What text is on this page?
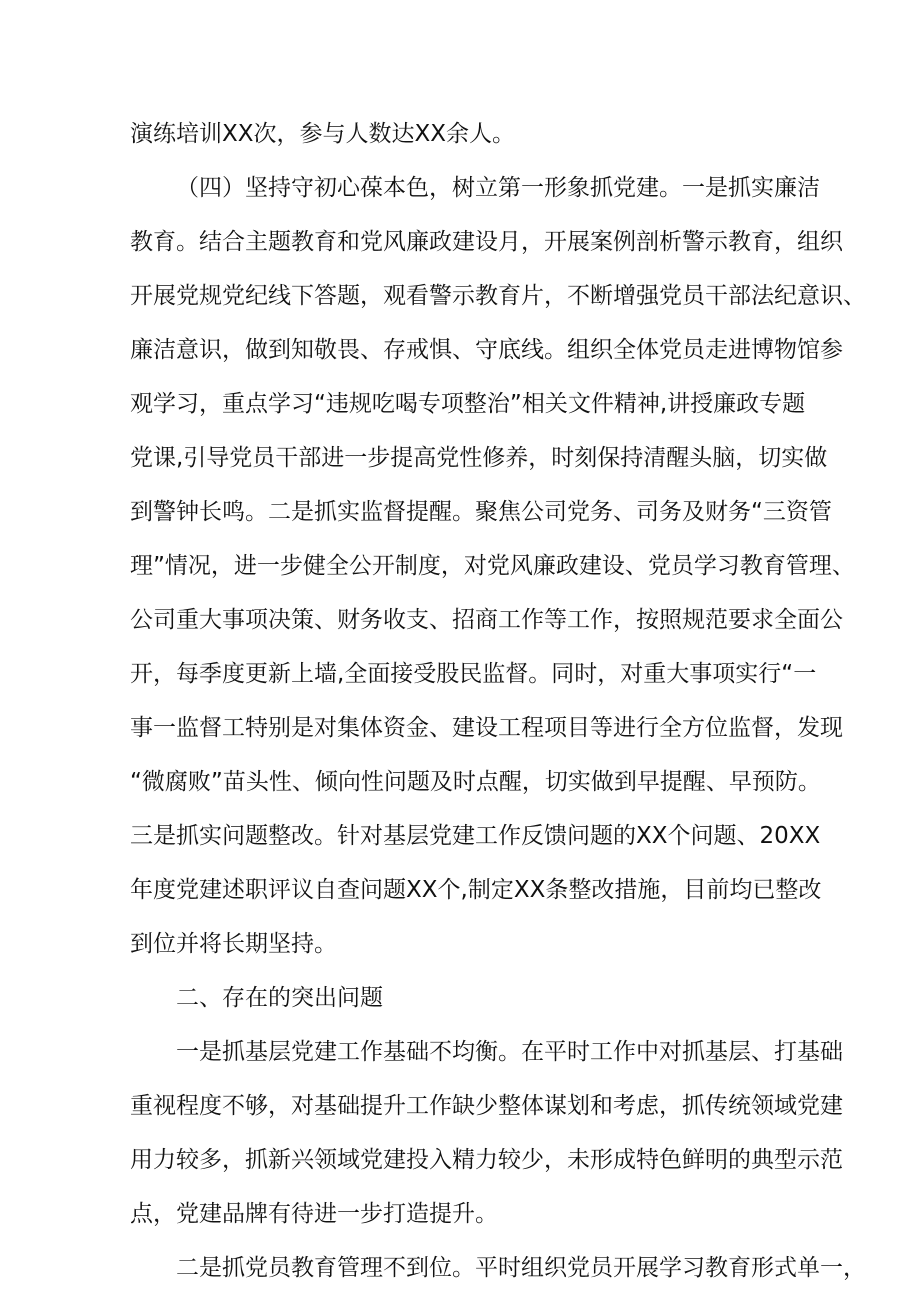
演练培训XX次，参与人数达XX余人。
（四）坚持守初心葆本色，树立第一形象抓党建。一是抓实廉洁
教育。结合主题教育和党风廉政建设月，开展案例剖析警示教育，组织
开展党规党纪线下答题，观看警示教育片，不断增强党员干部法纪意识、
廉洁意识，做到知敬畏、存戒惧、守底线。组织全体党员走进博物馆参
观学习，重点学习“违规吃喝专项整治”相关文件精神,讲授廉政专题
党课,引导党员干部进一步提高党性修养，时刻保持清醒头脑，切实做
到警钟长鸣。二是抓实监督提醒。聚焦公司党务、司务及财务“三资管
理”情况，进一步健全公开制度，对党风廉政建设、党员学习教育管理、
公司重大事项决策、财务收支、招商工作等工作，按照规范要求全面公
开，每季度更新上墙,全面接受股民监督。同时，对重大事项实行“一
事一监督工特别是对集体资金、建设工程项目等进行全方位监督，发现
“微腐败”苗头性、倾向性问题及时点醒，切实做到早提醒、早预防。
三是抓实问题整改。针对基层党建工作反馈问题的XX个问题、20XX
年度党建述职评议自查问题XX个,制定XX条整改措施，目前均已整改
到位并将长期坚持。
二、存在的突出问题
一是抓基层党建工作基础不均衡。在平时工作中对抓基层、打基础
重视程度不够，对基础提升工作缺少整体谋划和考虑，抓传统领域党建
用力较多，抓新兴领域党建投入精力较少，未形成特色鲜明的典型示范
点，党建品牌有待进一步打造提升。
二是抓党员教育管理不到位。平时组织党员开展学习教育形式单一，
